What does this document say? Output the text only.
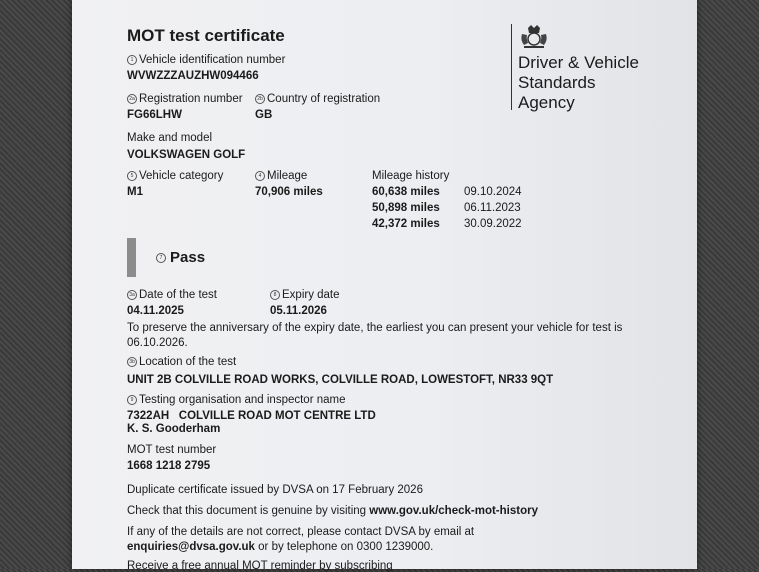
MOT test certificate
Driver & Vehicle
Standards
Agency
1 Vehicle identification number
WVWZZZAUZHW094466
2a Registration number
FG66LHW
2b Country of registration
GB
Make and model
VOLKSWAGEN GOLF
5 Vehicle category
M1
4 Mileage
70,906 miles
Mileage history
60,638 miles 09.10.2024
50,898 miles 06.11.2023
42,372 miles 30.09.2022
7 Pass
3a Date of the test
04.11.2025
8 Expiry date
05.11.2026
To preserve the anniversary of the expiry date, the earliest you can present your vehicle for test is
06.10.2026.
3b Location of the test
UNIT 2B COLVILLE ROAD WORKS, COLVILLE ROAD, LOWESTOFT, NR33 9QT
9 Testing organisation and inspector name
7322AH   COLVILLE ROAD MOT CENTRE LTD
K. S. Gooderham
MOT test number
1668 1218 2795
Duplicate certificate issued by DVSA on 17 February 2026
Check that this document is genuine by visiting www.gov.uk/check-mot-history
If any of the details are not correct, please contact DVSA by email at
enquiries@dvsa.gov.uk or by telephone on 0300 1239000.
Receive a free annual MOT reminder by subscribing
